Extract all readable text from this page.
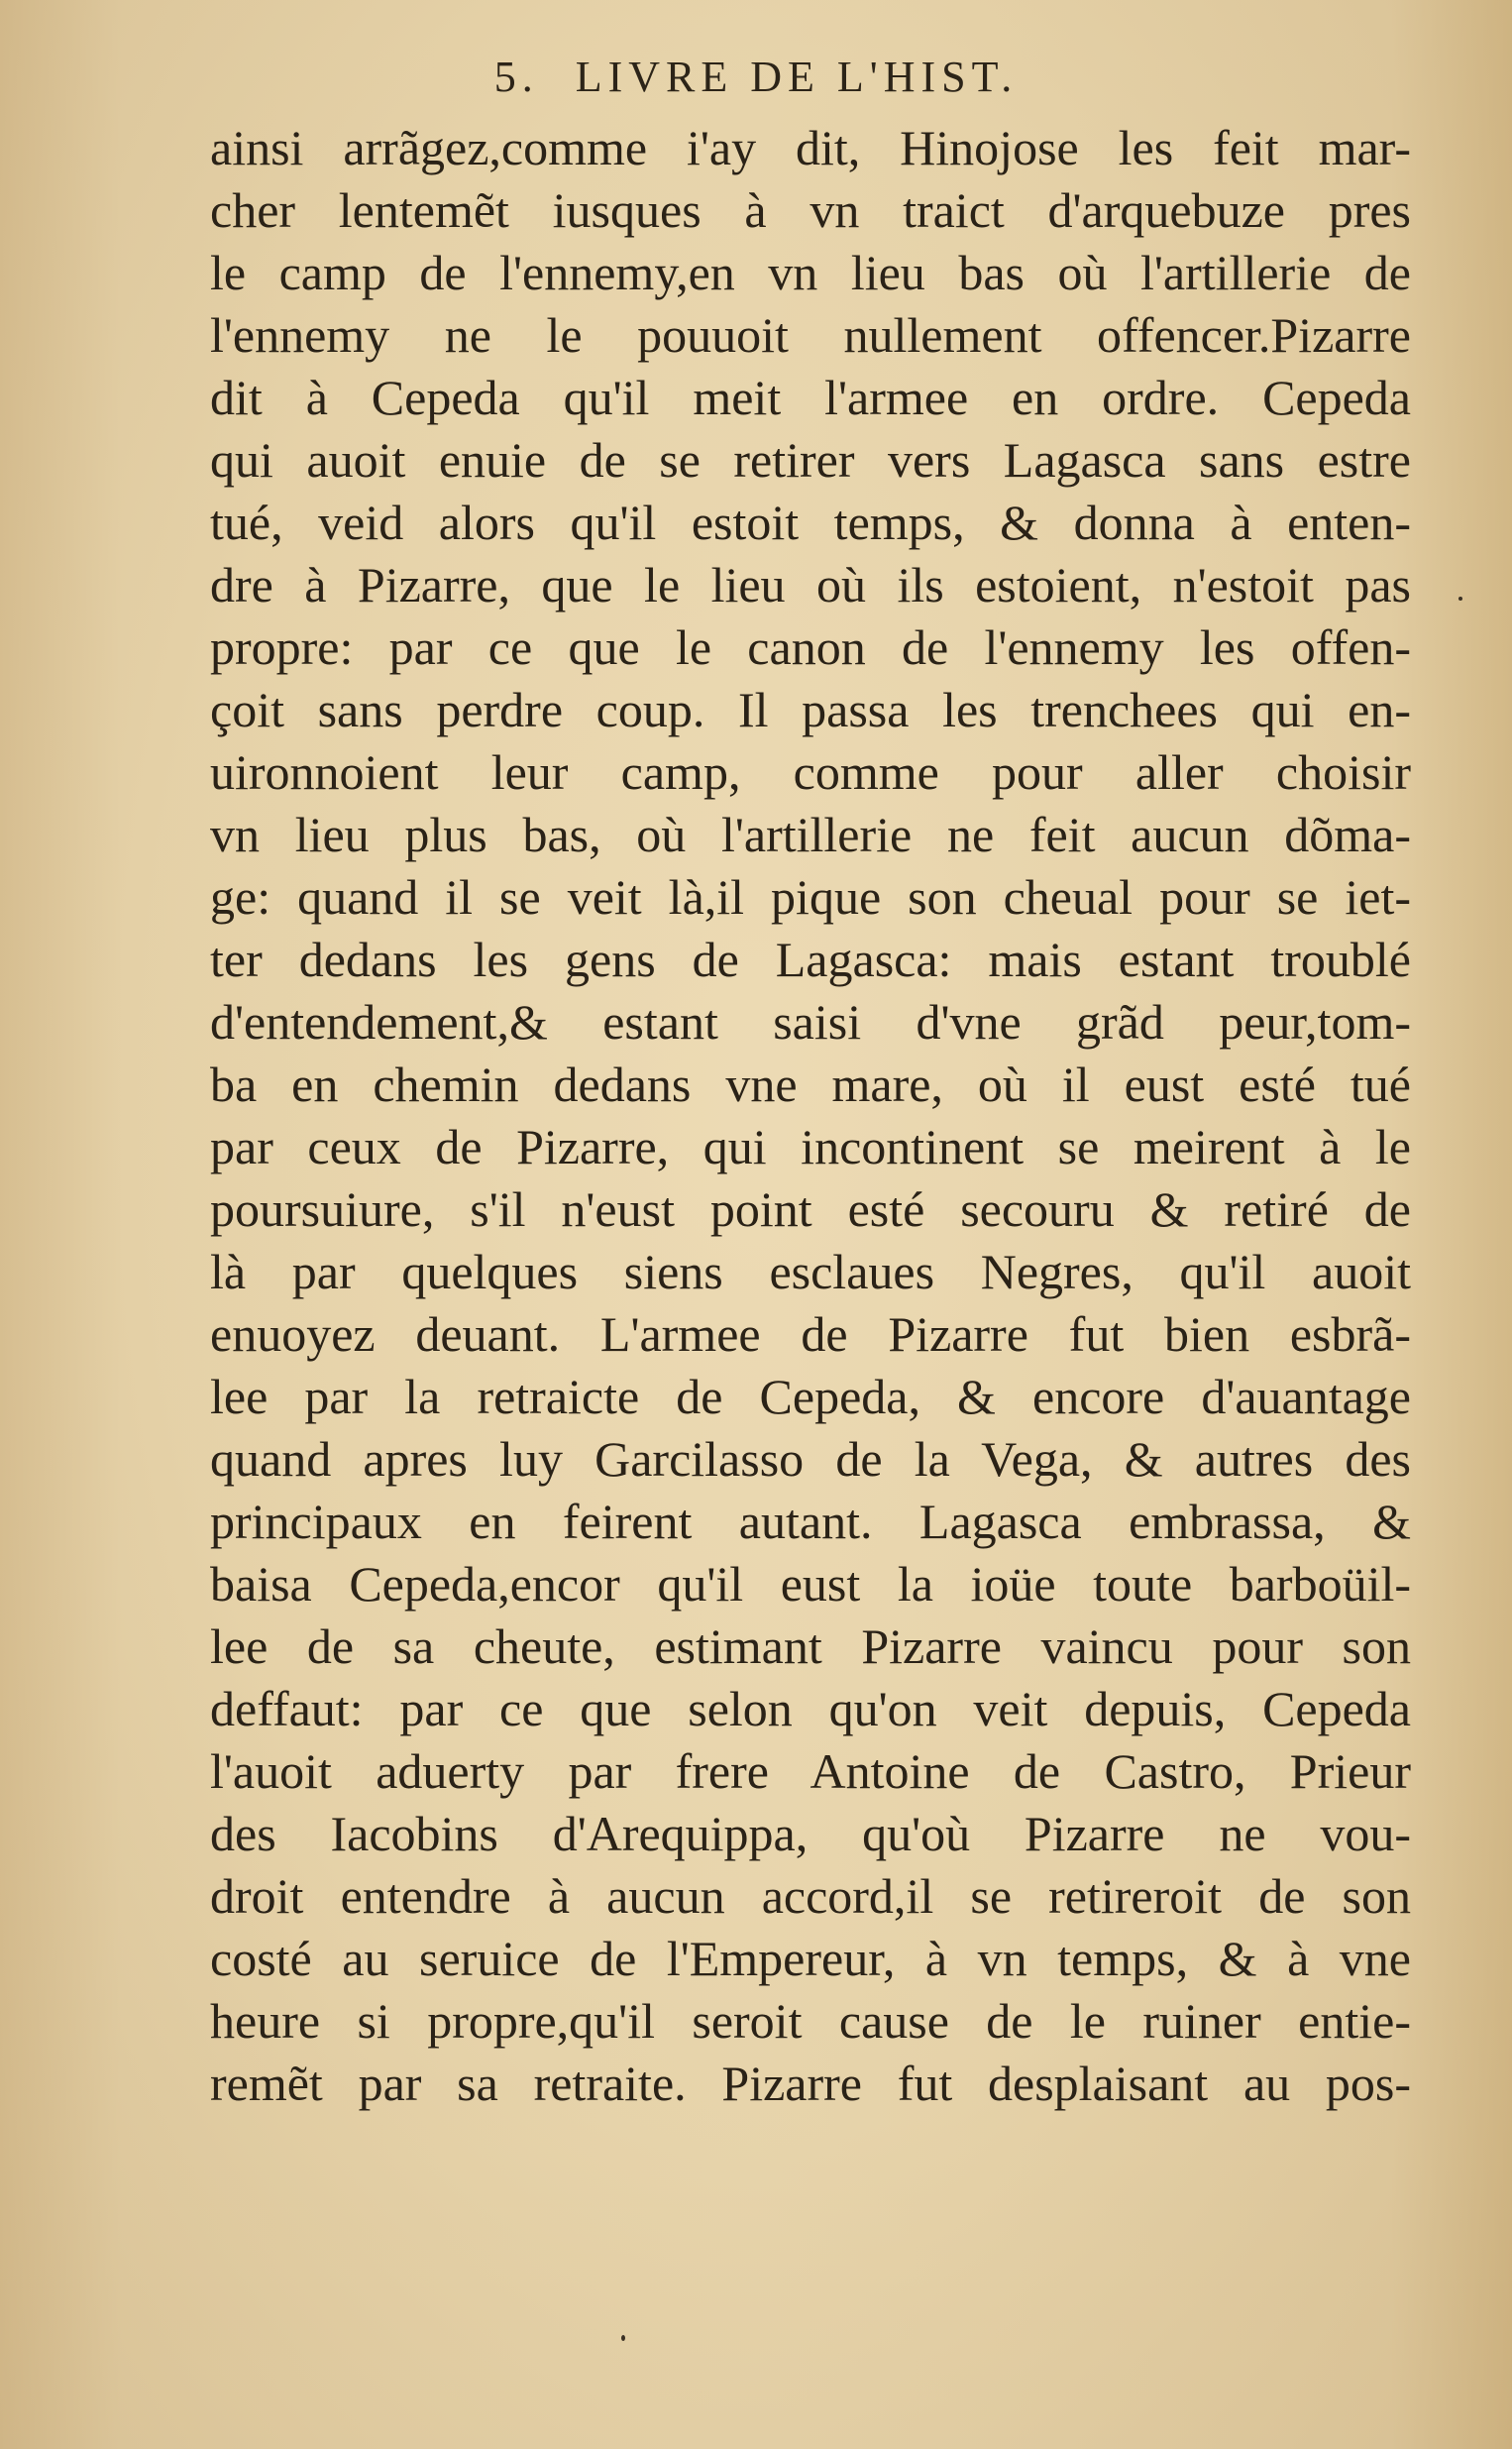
5. LIVRE DE L'HIST.
ainsi arrãgez,comme i'ay dit, Hinojose les feit mar-
cher lentemẽt iusques à vn traict d'arquebuze pres
le camp de l'ennemy,en vn lieu bas où l'artillerie de
l'ennemy ne le pouuoit nullement offencer.Pizarre
dit à Cepeda qu'il meit l'armee en ordre. Cepeda
qui auoit enuie de se retirer vers Lagasca sans estre
tué, veid alors qu'il estoit temps, & donna à enten-
dre à Pizarre, que le lieu où ils estoient, n'estoit pas
propre: par ce que le canon de l'ennemy les offen-
çoit sans perdre coup. Il passa les trenchees qui en-
uironnoient leur camp, comme pour aller choisir
vn lieu plus bas, où l'artillerie ne feit aucun dõma-
ge: quand il se veit là,il pique son cheual pour se iet-
ter dedans les gens de Lagasca: mais estant troublé
d'entendement,& estant saisi d'vne grãd peur,tom-
ba en chemin dedans vne mare, où il eust esté tué
par ceux de Pizarre, qui incontinent se meirent à le
poursuiure, s'il n'eust point esté secouru & retiré de
là par quelques siens esclaues Negres, qu'il auoit
enuoyez deuant. L'armee de Pizarre fut bien esbrã-
lee par la retraicte de Cepeda, & encore d'auantage
quand apres luy Garcilasso de la Vega, & autres des
principaux en feirent autant. Lagasca embrassa, &
baisa Cepeda,encor qu'il eust la ioüe toute barboüil-
lee de sa cheute, estimant Pizarre vaincu pour son
deffaut: par ce que selon qu'on veit depuis, Cepeda
l'auoit aduerty par frere Antoine de Castro, Prieur
des Iacobins d'Arequippa, qu'où Pizarre ne vou-
droit entendre à aucun accord,il se retireroit de son
costé au seruice de l'Empereur, à vn temps, & à vne
heure si propre,qu'il seroit cause de le ruiner entie-
remẽt par sa retraite. Pizarre fut desplaisant au pos-
